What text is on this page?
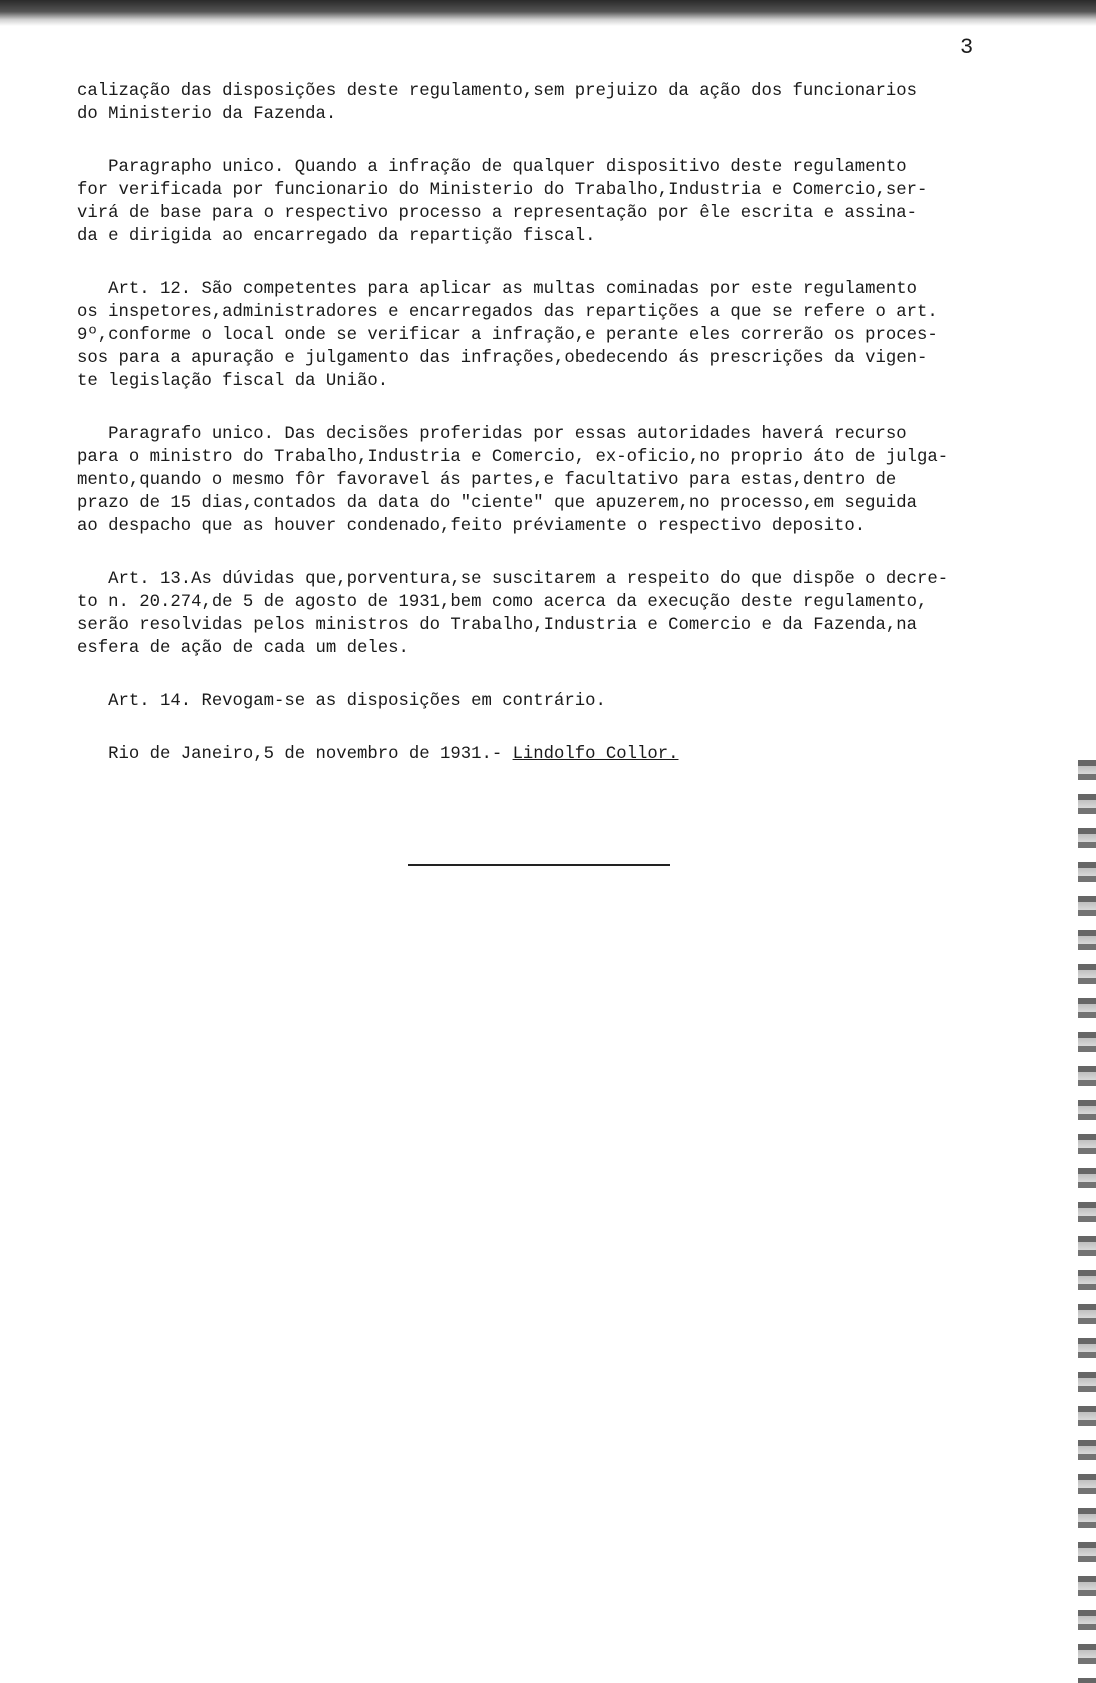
3
calização das disposições deste regulamento,sem prejuizo da ação dos funcionarios
do Ministerio da Fazenda.
Paragrapho unico. Quando a infração de qualquer dispositivo deste regulamento
for verificada por funcionario do Ministerio do Trabalho,Industria e Comercio,ser-
virá de base para o respectivo processo a representação por êle escrita e assina-
da e dirigida ao encarregado da repartição fiscal.
Art. 12. São competentes para aplicar as multas cominadas por este regulamento
os inspetores,administradores e encarregados das repartições a que se refere o art.
9º,conforme o local onde se verificar a infração,e perante eles correrão os proces-
sos para a apuração e julgamento das infrações,obedecendo ás prescrições da vigen-
te legislação fiscal da União.
Paragrafo unico. Das decisões proferidas por essas autoridades haverá recurso
para o ministro do Trabalho,Industria e Comercio, ex-oficio,no proprio áto de julga-
mento,quando o mesmo fôr favoravel ás partes,e facultativo para estas,dentro de
prazo de 15 dias,contados da data do "ciente" que apuzerem,no processo,em seguida
ao despacho que as houver condenado,feito préviamente o respectivo deposito.
Art. 13.As dúvidas que,porventura,se suscitarem a respeito do que dispõe o decre-
to n. 20.274,de 5 de agosto de 1931,bem como acerca da execução deste regulamento,
serão resolvidas pelos ministros do Trabalho,Industria e Comercio e da Fazenda,na
esfera de ação de cada um deles.
Art. 14. Revogam-se as disposições em contrário.
Rio de Janeiro,5 de novembro de 1931.- Lindolfo Collor.
